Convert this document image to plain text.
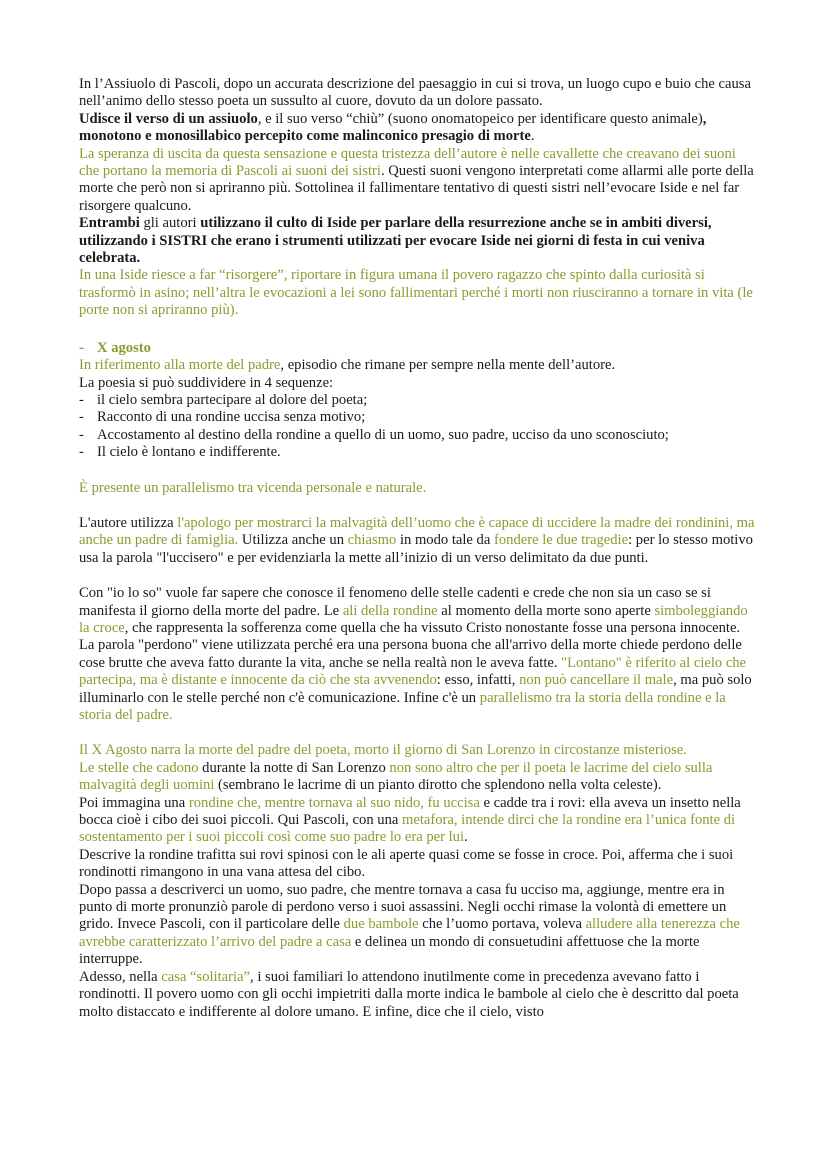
In l’Assiuolo di Pascoli, dopo un accurata descrizione del paesaggio in cui si trova, un luogo cupo e buio che causa nell’animo dello stesso poeta un sussulto al cuore, dovuto da un dolore passato.

Udisce il verso di un assiuolo, e il suo verso “chiù” (suono onomatopeico per identificare questo animale), monotono e monosillabico percepito come malinconico presagio di morte.

La speranza di uscita da questa sensazione e questa tristezza dell’autore è nelle cavallette che creavano dei suoni che portano la memoria di Pascoli ai suoni dei sistri. Questi suoni vengono interpretati come allarmi alle porte della morte che però non si apriranno più. Sottolinea il fallimentare tentativo di questi sistri nell’evocare Iside e nel far risorgere qualcuno.

Entrambi gli autori utilizzano il culto di Iside per parlare della resurrezione anche se in ambiti diversi, utilizzando i SISTRI che erano i strumenti utilizzati per evocare Iside nei giorni di festa in cui veniva celebrata.

In una Iside riesce a far “risorgere”, riportare in figura umana il povero ragazzo che spinto dalla curiosità si trasformò in asino; nell’altra le evocazioni a lei sono fallimentari perché i morti non riusciranno a tornare in vita (le porte non si apriranno più).

- X agosto

In riferimento alla morte del padre, episodio che rimane per sempre nella mente dell’autore.

La poesia si può suddividere in 4 sequenze:

- il cielo sembra partecipare al dolore del poeta;
- Racconto di una rondine uccisa senza motivo;
- Accostamento al destino della rondine a quello di un uomo, suo padre, ucciso da uno sconosciuto;
- Il cielo è lontano e indifferente.

È presente un parallelismo tra vicenda personale e naturale.

L'autore utilizza l'apologo per mostrarci la malvagità dell’uomo che è capace di uccidere la madre dei rondinini, ma anche un padre di famiglia. Utilizza anche un chiasmo in modo tale da fondere le due tragedie: per lo stesso motivo usa la parola "l'uccisero" e per evidenziarla la mette all’inizio di un verso delimitato da due punti.

Con "io lo so" vuole far sapere che conosce il fenomeno delle stelle cadenti e crede che non sia un caso se si manifesta il giorno della morte del padre. Le ali della rondine al momento della morte sono aperte simboleggiando la croce, che rappresenta la sofferenza come quella che ha vissuto Cristo nonostante fosse una persona innocente. La parola "perdono" viene utilizzata perché era una persona buona che all'arrivo della morte chiede perdono delle cose brutte che aveva fatto durante la vita, anche se nella realtà non le aveva fatte. "Lontano" è riferito al cielo che partecipa, ma è distante e innocente da ciò che sta avvenendo: esso, infatti, non può cancellare il male, ma può solo illuminarlo con le stelle perché non c'è comunicazione. Infine c'è un parallelismo tra la storia della rondine e la storia del padre.

Il X Agosto narra la morte del padre del poeta, morto il giorno di San Lorenzo in circostanze misteriose.

Le stelle che cadono durante la notte di San Lorenzo non sono altro che per il poeta le lacrime del cielo sulla malvagità degli uomini (sembrano le lacrime di un pianto dirotto che splendono nella volta celeste).

Poi immagina una rondine che, mentre tornava al suo nido, fu uccisa e cadde tra i rovi: ella aveva un insetto nella bocca cioè i cibo dei suoi piccoli. Qui Pascoli, con una metafora, intende dirci che la rondine era l’unica fonte di sostentamento per i suoi piccoli così come suo padre lo era per lui.

Descrive la rondine trafitta sui rovi spinosi con le ali aperte quasi come se fosse in croce. Poi, afferma che i suoi rondinotti rimangono in una vana attesa del cibo.

Dopo passa a descriverci un uomo, suo padre, che mentre tornava a casa fu ucciso ma, aggiunge, mentre era in punto di morte pronunziò parole di perdono verso i suoi assassini. Negli occhi rimase la volontà di emettere un grido. Invece Pascoli, con il particolare delle due bambole che l’uomo portava, voleva alludere alla tenerezza che avrebbe caratterizzato l’arrivo del padre a casa e delinea un mondo di consuetudini affettuose che la morte interruppe.

Adesso, nella casa “solitaria”, i suoi familiari lo attendono inutilmente come in precedenza avevano fatto i rondinotti. Il povero uomo con gli occhi impietriti dalla morte indica le bambole al cielo che è descritto dal poeta molto distaccato e indifferente al dolore umano. E infine, dice che il cielo, visto
